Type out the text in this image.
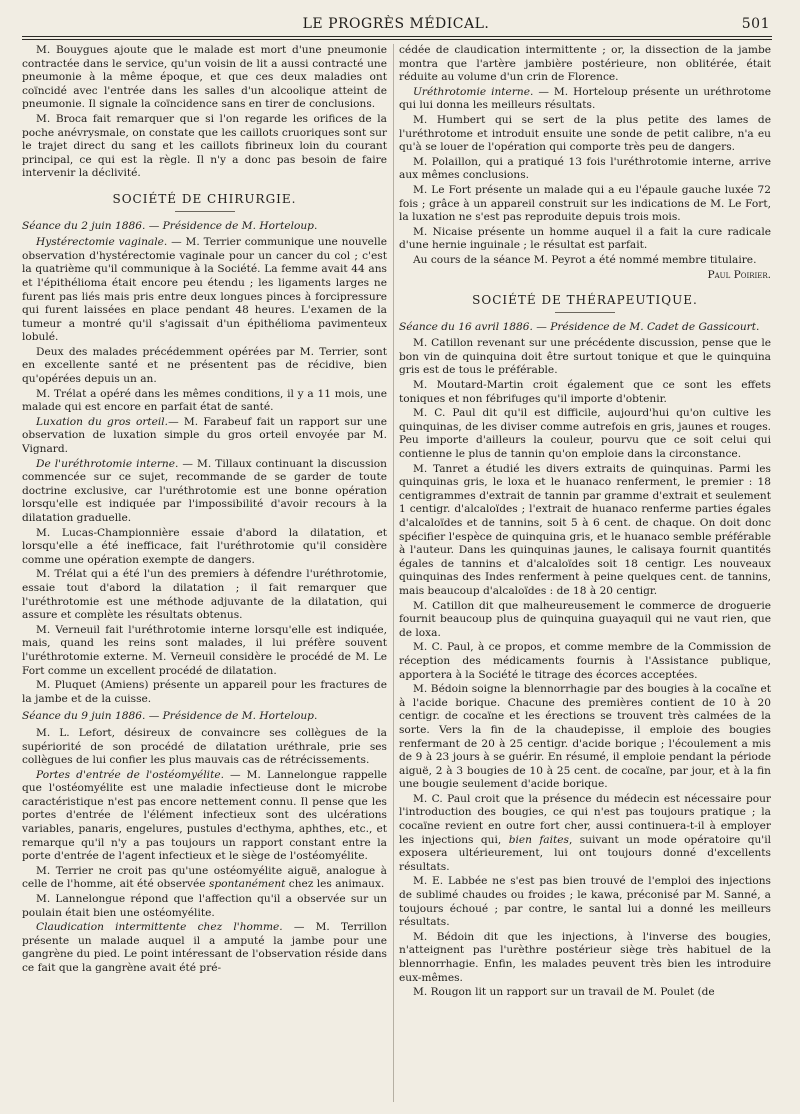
LE PROGRÈS MÉDICAL.	501

M. Bouygues ajoute que le malade est mort d'une pneumonie contractée dans le service, qu'un voisin de lit a aussi contracté une pneumonie à la même époque, et que ces deux maladies ont coïncidé avec l'entrée dans les salles d'un alcoolique atteint de pneumonie. Il signale la coïncidence sans en tirer de conclusions.

M. Broca fait remarquer que si l'on regarde les orifices de la poche anévrysmale, on constate que les caillots cruoriques sont sur le trajet direct du sang et les caillots fibrineux loin du courant principal, ce qui est la règle. Il n'y a donc pas besoin de faire intervenir la déclivité.

SOCIÉTÉ DE CHIRURGIE.

Séance du 2 juin 1886. — Présidence de M. Horteloup.

Hystérectomie vaginale. — M. Terrier communique une nouvelle observation d'hystérectomie vaginale pour un cancer du col ; c'est la quatrième qu'il communique à la Société. La femme avait 44 ans et l'épithélioma était encore peu étendu ; les ligaments larges ne furent pas liés mais pris entre deux longues pinces à forcipressure qui furent laissées en place pendant 48 heures. L'examen de la tumeur a montré qu'il s'agissait d'un épithélioma pavimenteux lobulé.

Deux des malades précédemment opérées par M. Terrier, sont en excellente santé et ne présentent pas de récidive, bien qu'opérées depuis un an.

M. Trélat a opéré dans les mêmes conditions, il y a 11 mois, une malade qui est encore en parfait état de santé.

Luxation du gros orteil.— M. Farabeuf fait un rapport sur une observation de luxation simple du gros orteil envoyée par M. Vignard.

De l'uréthrotomie interne. — M. Tillaux continuant la discussion commencée sur ce sujet, recommande de se garder de toute doctrine exclusive, car l'uréthrotomie est une bonne opération lorsqu'elle est indiquée par l'impossibilité d'avoir recours à la dilatation graduelle.

M. Lucas-Championnière essaie d'abord la dilatation, et lorsqu'elle a été inefficace, fait l'uréthrotomie qu'il considère comme une opération exempte de dangers.

M. Trélat qui a été l'un des premiers à défendre l'uréthrotomie, essaie tout d'abord la dilatation ; il fait remarquer que l'uréthrotomie est une méthode adjuvante de la dilatation, qui assure et complète les résultats obtenus.

M. Verneuil fait l'uréthrotomie interne lorsqu'elle est indiquée, mais, quand les reins sont malades, il lui préfère souvent l'uréthrotomie externe. M. Verneuil considère le procédé de M. Le Fort comme un excellent procédé de dilatation.

M. Pluquet (Amiens) présente un appareil pour les fractures de la jambe et de la cuisse.

Séance du 9 juin 1886. — Présidence de M. Horteloup.

M. L. Lefort, désireux de convaincre ses collègues de la supériorité de son procédé de dilatation uréthrale, prie ses collègues de lui confier les plus mauvais cas de rétrécissements.

Portes d'entrée de l'ostéomyélite. — M. Lannelongue rappelle que l'ostéomyélite est une maladie infectieuse dont le microbe caractéristique n'est pas encore nettement connu. Il pense que les portes d'entrée de l'élément infectieux sont des ulcérations variables, panaris, engelures, pustules d'ecthyma, aphthes, etc., et remarque qu'il n'y a pas toujours un rapport constant entre la porte d'entrée de l'agent infectieux et le siège de l'ostéomyélite.

M. Terrier ne croit pas qu'une ostéomyélite aiguë, analogue à celle de l'homme, ait été observée spontanément chez les animaux.

M. Lannelongue répond que l'affection qu'il a observée sur un poulain était bien une ostéomyélite.

Claudication intermittente chez l'homme. — M. Terrillon présente un malade auquel il a amputé la jambe pour une gangrène du pied. Le point intéressant de l'observation réside dans ce fait que la gangrène avait été pré-

cédée de claudication intermittente ; or, la dissection de la jambe montra que l'artère jambière postérieure, non oblitérée, était réduite au volume d'un crin de Florence.

Uréthrotomie interne. — M. Horteloup présente un uréthrotome qui lui donna les meilleurs résultats.

M. Humbert qui se sert de la plus petite des lames de l'uréthrotome et introduit ensuite une sonde de petit calibre, n'a eu qu'à se louer de l'opération qui comporte très peu de dangers.

M. Polaillon, qui a pratiqué 13 fois l'uréthrotomie interne, arrive aux mêmes conclusions.

M. Le Fort présente un malade qui a eu l'épaule gauche luxée 72 fois ; grâce à un appareil construit sur les indications de M. Le Fort, la luxation ne s'est pas reproduite depuis trois mois.

M. Nicaise présente un homme auquel il a fait la cure radicale d'une hernie inguinale ; le résultat est parfait.

Au cours de la séance M. Peyrot a été nommé membre titulaire.

Paul Poirier.

SOCIÉTÉ DE THÉRAPEUTIQUE.

Séance du 16 avril 1886. — Présidence de M. Cadet de Gassicourt.

M. Catillon revenant sur une précédente discussion, pense que le bon vin de quinquina doit être surtout tonique et que le quinquina gris est de tous le préférable.

M. Moutard-Martin croit également que ce sont les effets toniques et non fébrifuges qu'il importe d'obtenir.

M. C. Paul dit qu'il est difficile, aujourd'hui qu'on cultive les quinquinas, de les diviser comme autrefois en gris, jaunes et rouges. Peu importe d'ailleurs la couleur, pourvu que ce soit celui qui contienne le plus de tannin qu'on emploie dans la circonstance.

M. Tanret a étudié les divers extraits de quinquinas. Parmi les quinquinas gris, le loxa et le huanaco renferment, le premier : 18 centigrammes d'extrait de tannin par gramme d'extrait et seulement 1 centigr. d'alcaloïdes ; l'extrait de huanaco renferme parties égales d'alcaloïdes et de tannins, soit 5 à 6 cent. de chaque. On doit donc spécifier l'espèce de quinquina gris, et le huanaco semble préférable à l'auteur. Dans les quinquinas jaunes, le calisaya fournit quantités égales de tannins et d'alcaloïdes soit 18 centigr. Les nouveaux quinquinas des Indes renferment à peine quelques cent. de tannins, mais beaucoup d'alcaloïdes : de 18 à 20 centigr.

M. Catillon dit que malheureusement le commerce de droguerie fournit beaucoup plus de quinquina guayaquil qui ne vaut rien, que de loxa.

M. C. Paul, à ce propos, et comme membre de la Commission de réception des médicaments fournis à l'Assistance publique, apportera à la Société le titrage des écorces acceptées.

M. Bédoin soigne la blennorrhagie par des bougies à la cocaïne et à l'acide borique. Chacune des premières contient de 10 à 20 centigr. de cocaïne et les érections se trouvent très calmées de la sorte. Vers la fin de la chaudepisse, il emploie des bougies renfermant de 20 à 25 centigr. d'acide borique ; l'écoulement a mis de 9 à 23 jours à se guérir. En résumé, il emploie pendant la période aiguë, 2 à 3 bougies de 10 à 25 cent. de cocaïne, par jour, et à la fin une bougie seulement d'acide borique.

M. C. Paul croit que la présence du médecin est nécessaire pour l'introduction des bougies, ce qui n'est pas toujours pratique ; la cocaïne revient en outre fort cher, aussi continuera-t-il à employer les injections qui, bien faites, suivant un mode opératoire qu'il exposera ultérieurement, lui ont toujours donné d'excellents résultats.

M. E. Labbée ne s'est pas bien trouvé de l'emploi des injections de sublimé chaudes ou froides ; le kawa, préconisé par M. Sanné, a toujours échoué ; par contre, le santal lui a donné les meilleurs résultats.

M. Bédoin dit que les injections, à l'inverse des bougies, n'atteignent pas l'urèthre postérieur siège très habituel de la blennorrhagie. Enfin, les malades peuvent très bien les introduire eux-mêmes.

M. Rougon lit un rapport sur un travail de M. Poulet (de
